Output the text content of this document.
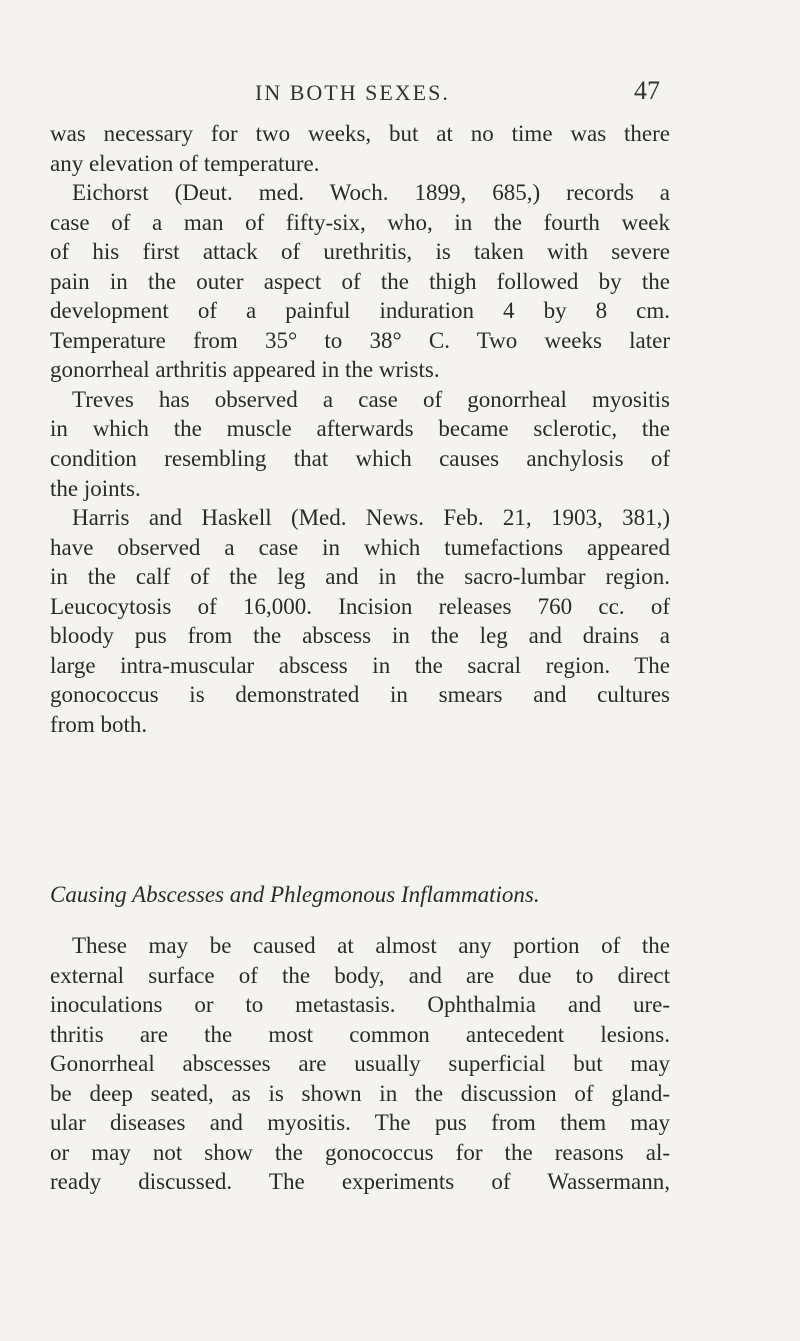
IN BOTH SEXES.	47
was necessary for two weeks, but at no time was there
any elevation of temperature.
Eichorst (Deut. med. Woch. 1899, 685,) records a
case of a man of fifty-six, who, in the fourth week
of his first attack of urethritis, is taken with severe
pain in the outer aspect of the thigh followed by the
development of a painful induration 4 by 8 cm.
Temperature from 35° to 38° C. Two weeks later
gonorrheal arthritis appeared in the wrists.
Treves has observed a case of gonorrheal myositis
in which the muscle afterwards became sclerotic, the
condition resembling that which causes anchylosis of
the joints.
Harris and Haskell (Med. News. Feb. 21, 1903, 381,)
have observed a case in which tumefactions appeared
in the calf of the leg and in the sacro-lumbar region.
Leucocytosis of 16,000. Incision releases 760 cc. of
bloody pus from the abscess in the leg and drains a
large intra-muscular abscess in the sacral region. The
gonococcus is demonstrated in smears and cultures
from both.
Causing Abscesses and Phlegmonous Inflammations.
These may be caused at almost any portion of the
external surface of the body, and are due to direct
inoculations or to metastasis. Ophthalmia and ure-
thritis are the most common antecedent lesions.
Gonorrheal abscesses are usually superficial but may
be deep seated, as is shown in the discussion of gland-
ular diseases and myositis. The pus from them may
or may not show the gonococcus for the reasons al-
ready discussed. The experiments of Wassermann,
